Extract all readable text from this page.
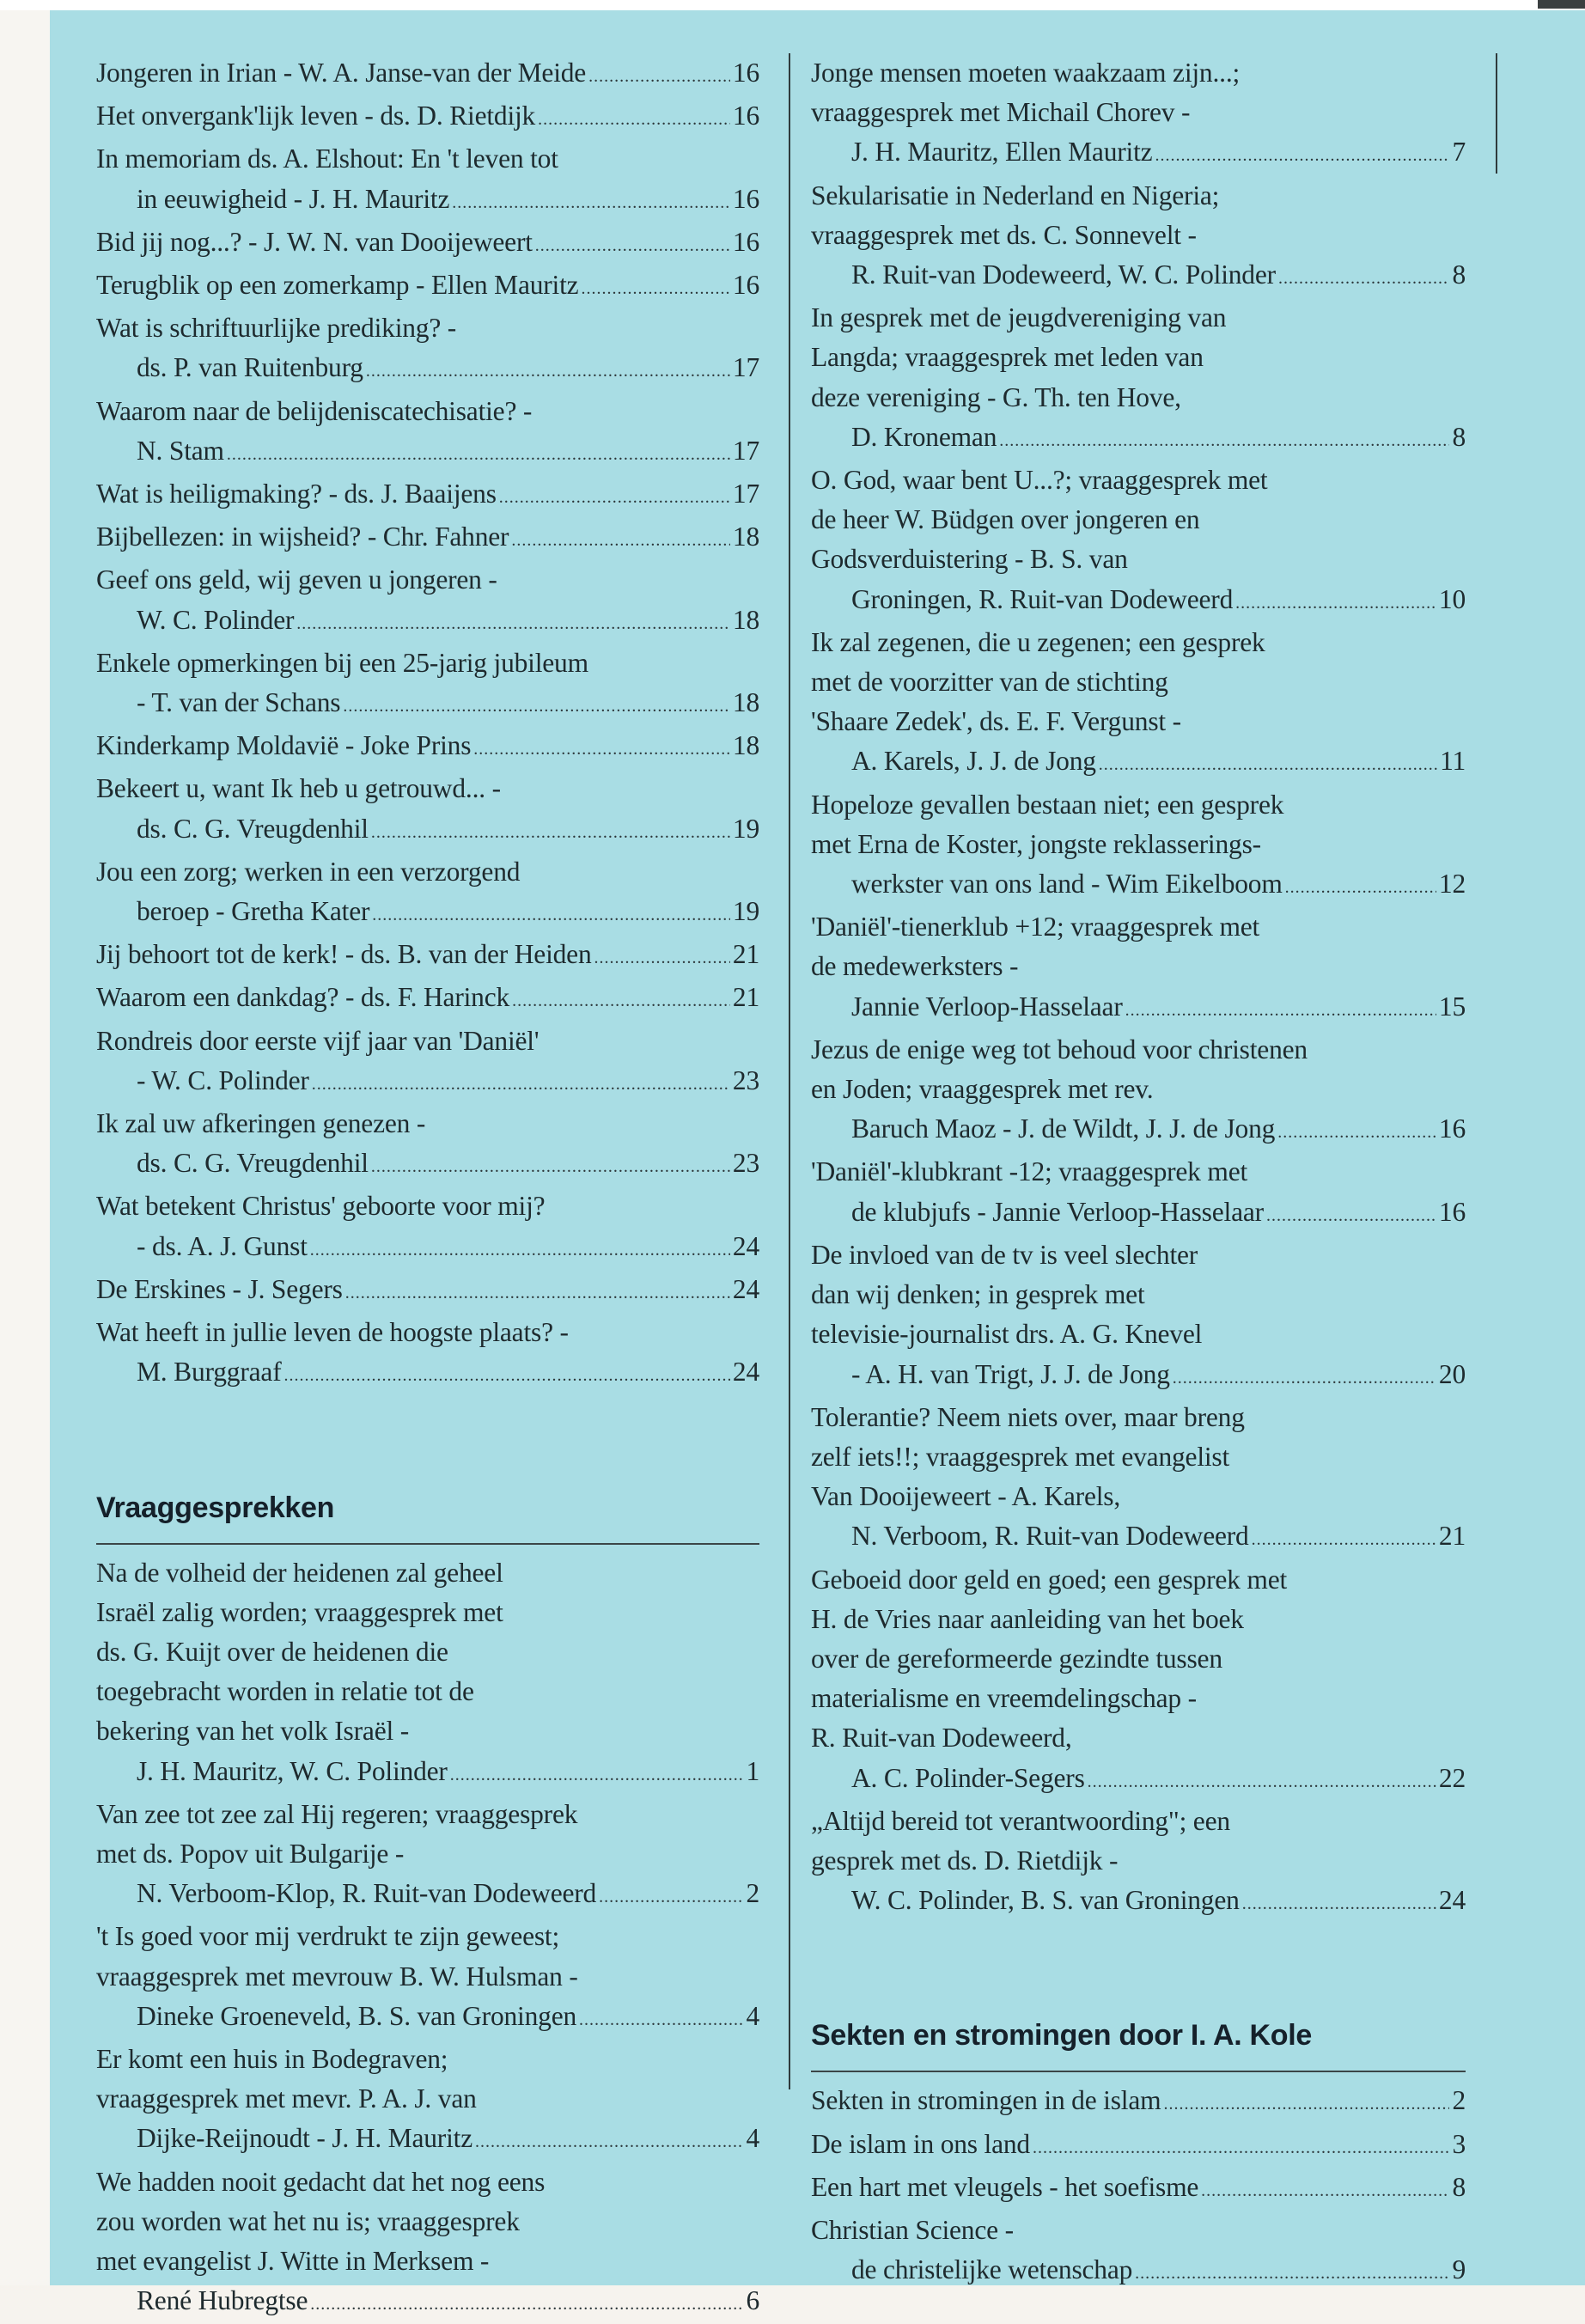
Jongeren in Irian - W. A. Janse-van der Meide .....	16
Het onvergank'lijk leven - ds. D. Rietdijk .....	16
In memoriam ds. A. Elshout: En 't leven tot
in eeuwigheid - J. H. Mauritz .....	16
Bid jij nog...? - J. W. N. van Dooijeweert .....	16
Terugblik op een zomerkamp - Ellen Mauritz .....	16
Wat is schriftuurlijke prediking? -
ds. P. van Ruitenburg .....	17
Waarom naar de belijdeniscatechisatie? -
N. Stam .....	17
Wat is heiligmaking? - ds. J. Baaijens .....	17
Bijbellezen: in wijsheid? - Chr. Fahner .....	18
Geef ons geld, wij geven u jongeren -
W. C. Polinder .....	18
Enkele opmerkingen bij een 25-jarig jubileum
- T. van der Schans .....	18
Kinderkamp Moldavië - Joke Prins .....	18
Bekeert u, want Ik heb u getrouwd... -
ds. C. G. Vreugdenhil .....	19
Jou een zorg; werken in een verzorgend
beroep - Gretha Kater .....	19
Jij behoort tot de kerk! - ds. B. van der Heiden .....	21
Waarom een dankdag? - ds. F. Harinck .....	21
Rondreis door eerste vijf jaar van 'Daniël'
- W. C. Polinder .....	23
Ik zal uw afkeringen genezen -
ds. C. G. Vreugdenhil .....	23
Wat betekent Christus' geboorte voor mij?
- ds. A. J. Gunst .....	24
De Erskines - J. Segers .....	24
Wat heeft in jullie leven de hoogste plaats? -
M. Burggraaf .....	24
Vraaggesprekken
Na de volheid der heidenen zal geheel
Israël zalig worden; vraaggesprek met
ds. G. Kuijt over de heidenen die
toegebracht worden in relatie tot de
bekering van het volk Israël -
J. H. Mauritz, W. C. Polinder .....	1
Van zee tot zee zal Hij regeren; vraaggesprek
met ds. Popov uit Bulgarije -
N. Verboom-Klop, R. Ruit-van Dodeweerd .....	2
't Is goed voor mij verdrukt te zijn geweest;
vraaggesprek met mevrouw B. W. Hulsman -
Dineke Groeneveld, B. S. van Groningen .....	4
Er komt een huis in Bodegraven;
vraaggesprek met mevr. P. A. J. van
Dijke-Reijnoudt - J. H. Mauritz .....	4
We hadden nooit gedacht dat het nog eens
zou worden wat het nu is; vraaggesprek
met evangelist J. Witte in Merksem -
René Hubregtse .....	6
Jonge mensen moeten waakzaam zijn...;
vraaggesprek met Michail Chorev -
J. H. Mauritz, Ellen Mauritz .....	7
Sekularisatie in Nederland en Nigeria;
vraaggesprek met ds. C. Sonnevelt -
R. Ruit-van Dodeweerd, W. C. Polinder .....	8
In gesprek met de jeugdvereniging van
Langda; vraaggesprek met leden van
deze vereniging - G. Th. ten Hove,
D. Kroneman .....	8
O. God, waar bent U...?; vraaggesprek met
de heer W. Büdgen over jongeren en
Godsverduistering - B. S. van
Groningen, R. Ruit-van Dodeweerd .....	10
Ik zal zegenen, die u zegenen; een gesprek
met de voorzitter van de stichting
'Shaare Zedek', ds. E. F. Vergunst -
A. Karels, J. J. de Jong .....	11
Hopeloze gevallen bestaan niet; een gesprek
met Erna de Koster, jongste reklasserings-
werkster van ons land - Wim Eikelboom .....	12
'Daniël'-tienerklub +12; vraaggesprek met
de medewerksters -
Jannie Verloop-Hasselaar .....	15
Jezus de enige weg tot behoud voor christenen
en Joden; vraaggesprek met rev.
Baruch Maoz - J. de Wildt, J. J. de Jong .....	16
'Daniël'-klubkrant -12; vraaggesprek met
de klubjufs - Jannie Verloop-Hasselaar .....	16
De invloed van de tv is veel slechter
dan wij denken; in gesprek met
televisie-journalist drs. A. G. Knevel
- A. H. van Trigt, J. J. de Jong .....	20
Tolerantie? Neem niets over, maar breng
zelf iets!!; vraaggesprek met evangelist
Van Dooijeweert - A. Karels,
N. Verboom, R. Ruit-van Dodeweerd .....	21
Geboeid door geld en goed; een gesprek met
H. de Vries naar aanleiding van het boek
over de gereformeerde gezindte tussen
materialisme en vreemdelingschap -
R. Ruit-van Dodeweerd,
A. C. Polinder-Segers .....	22
„Altijd bereid tot verantwoording"; een
gesprek met ds. D. Rietdijk -
W. C. Polinder, B. S. van Groningen .....	24
Sekten en stromingen door I. A. Kole
Sekten in stromingen in de islam .....	2
De islam in ons land .....	3
Een hart met vleugels - het soefisme .....	8
Christian Science -
de christelijke wetenschap .....	9
